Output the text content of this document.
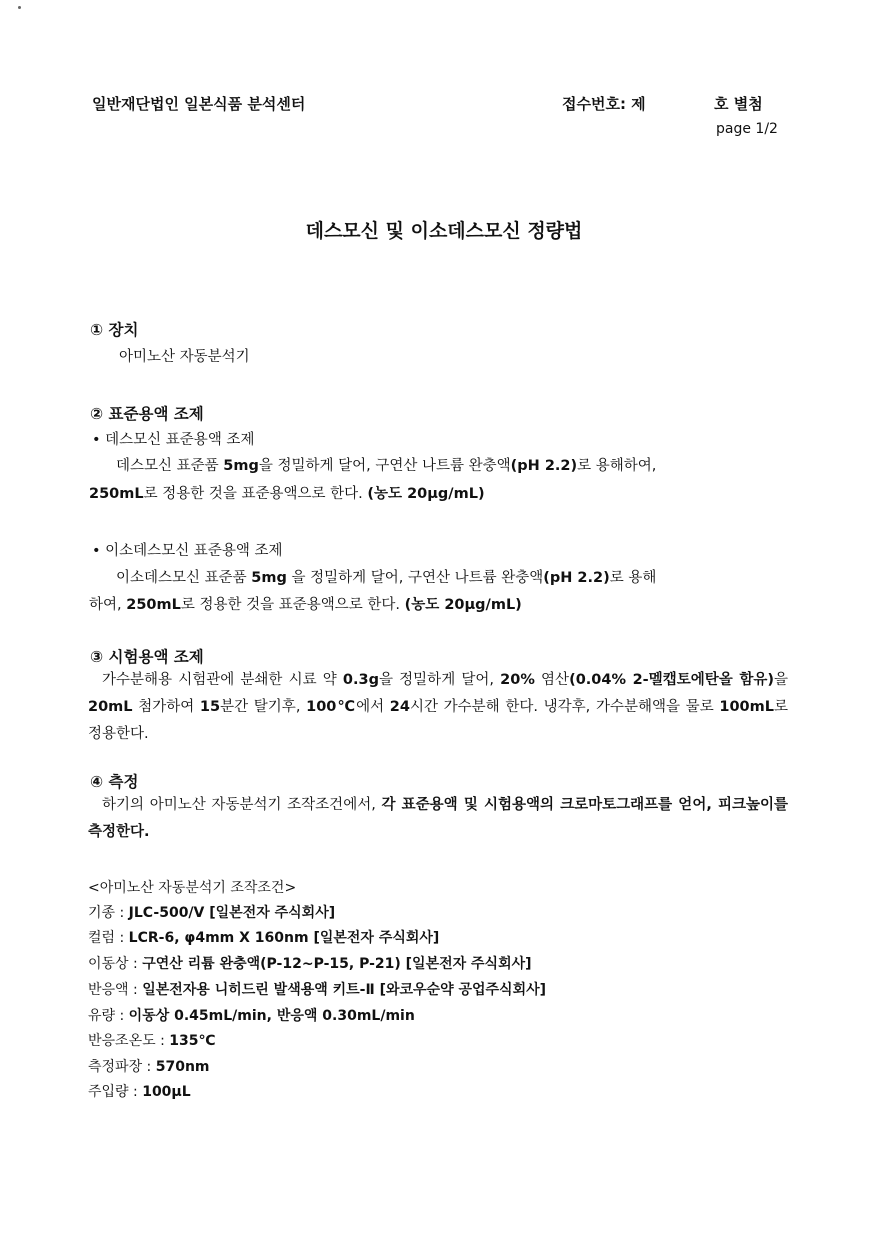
일반재단법인 일본식품 분석센터	접수번호: 제	호 별첨
page 1/2
데스모신 및 이소데스모신 정량법
① 장치
아미노산 자동분석기
② 표준용액 조제
• 데스모신 표준용액 조제
데스모신 표준품 5mg을 정밀하게 달어, 구연산 나트륨 완충액(pH 2.2)로 용해하여,
250mL로 정용한 것을 표준용액으로 한다. (농도 20μg/mL)
• 이소데스모신 표준용액 조제
이소데스모신 표준품 5mg 을 정밀하게 달어, 구연산 나트륨 완충액(pH 2.2)로 용해
하여, 250mL로 정용한 것을 표준용액으로 한다. (농도 20μg/mL)
③ 시험용액 조제
가수분해용 시험관에 분쇄한 시료 약 0.3g을 정밀하게 달어, 20% 염산(0.04% 2-멜캡토에탄올 함유)을 20mL 첨가하여 15분간 탈기후, 100℃에서 24시간 가수분해 한다. 냉각후, 가수분해액을 물로 100mL로 정용한다.
④ 측정
하기의 아미노산 자동분석기 조작조건에서, 각 표준용액 및 시험용액의 크로마토그래프를 얻어, 피크높이를 측정한다.
<아미노산 자동분석기 조작조건>
기종 : JLC-500/V [일본전자 주식회사]
컬럼 : LCR-6, φ4mm X 160nm [일본전자 주식회사]
이동상 : 구연산 리튬 완충액(P-12~P-15, P-21) [일본전자 주식회사]
반응액 : 일본전자용 니히드린 발색용액 키트-Ⅱ [와코우순약 공업주식회사]
유량 : 이동상 0.45mL/min, 반응액 0.30mL/min
반응조온도 : 135℃
측정파장 : 570nm
주입량 : 100μL
